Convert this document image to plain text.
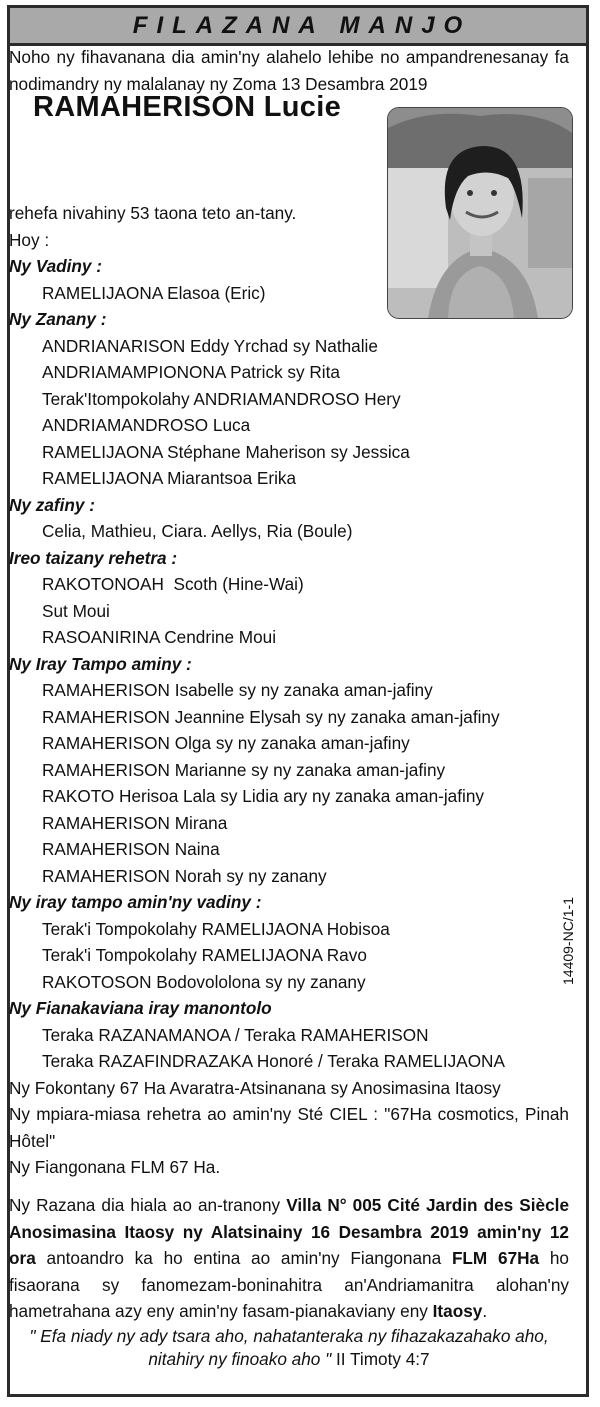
FILAZANA MANJO
Noho ny fihavanana dia amin'ny alahelo lehibe no ampandrenesanay fa nodimandry ny malalanay ny Zoma 13 Desambra 2019
RAMAHERISON Lucie
rehefa nivahiny 53 taona teto an-tany.
Hoy :
Ny Vadiny :
RAMELIJAONA Elasoa (Eric)
Ny Zanany :
ANDRIANARISON Eddy Yrchad sy Nathalie
ANDRIAMAMPIONONA Patrick sy Rita
Terak'Itompokolahy ANDRIAMANDROSO Hery
ANDRIAMANDROSO Luca
RAMELIJAONA Stéphane Maherison sy Jessica
RAMELIJAONA Miarantsoa Erika
Ny zafiny :
Celia, Mathieu, Ciara. Aellys, Ria (Boule)
Ireo taizany rehetra :
RAKOTONOAH  Scoth (Hine-Wai)
Sut Moui
RASOANIRINA Cendrine Moui
Ny Iray Tampo aminy :
RAMAHERISON Isabelle sy ny zanaka aman-jafiny
RAMAHERISON Jeannine Elysah sy ny zanaka aman-jafiny
RAMAHERISON Olga sy ny zanaka aman-jafiny
RAMAHERISON Marianne sy ny zanaka aman-jafiny
RAKOTO Herisoa Lala sy Lidia ary ny zanaka aman-jafiny
RAMAHERISON Mirana
RAMAHERISON Naina
RAMAHERISON Norah sy ny zanany
Ny iray tampo amin'ny vadiny :
Terak'i Tompokolahy RAMELIJAONA Hobisoa
Terak'i Tompokolahy RAMELIJAONA Ravo
RAKOTOSON Bodovololona sy ny zanany
Ny Fianakaviana iray manontolo
Teraka RAZANAMANOA / Teraka RAMAHERISON
Teraka RAZAFINDRAZAKA Honoré / Teraka RAMELIJAONA
Ny Fokontany 67 Ha Avaratra-Atsinanana sy Anosimasina Itaosy
Ny mpiara-miasa rehetra ao amin'ny Sté CIEL : "67Ha cosmotics, Pinah Hôtel"
Ny Fiangonana FLM 67 Ha.
Ny Razana dia hiala ao an-tranony Villa N° 005 Cité Jardin des Siècle Anosimasina Itaosy ny Alatsinainy 16 Desambra 2019 amin'ny 12 ora antoandro ka ho entina ao amin'ny Fiangonana FLM 67Ha ho fisaorana sy fanomezam-boninahitra an'Andriamanitra alohan'ny hametrahana azy eny amin'ny fasam-pianakaviany eny Itaosy.
" Efa niady ny ady tsara aho, nahatanteraka ny fihazakazahako aho, nitahiry ny finoako aho " II Timoty 4:7
14409-NC/1-1
